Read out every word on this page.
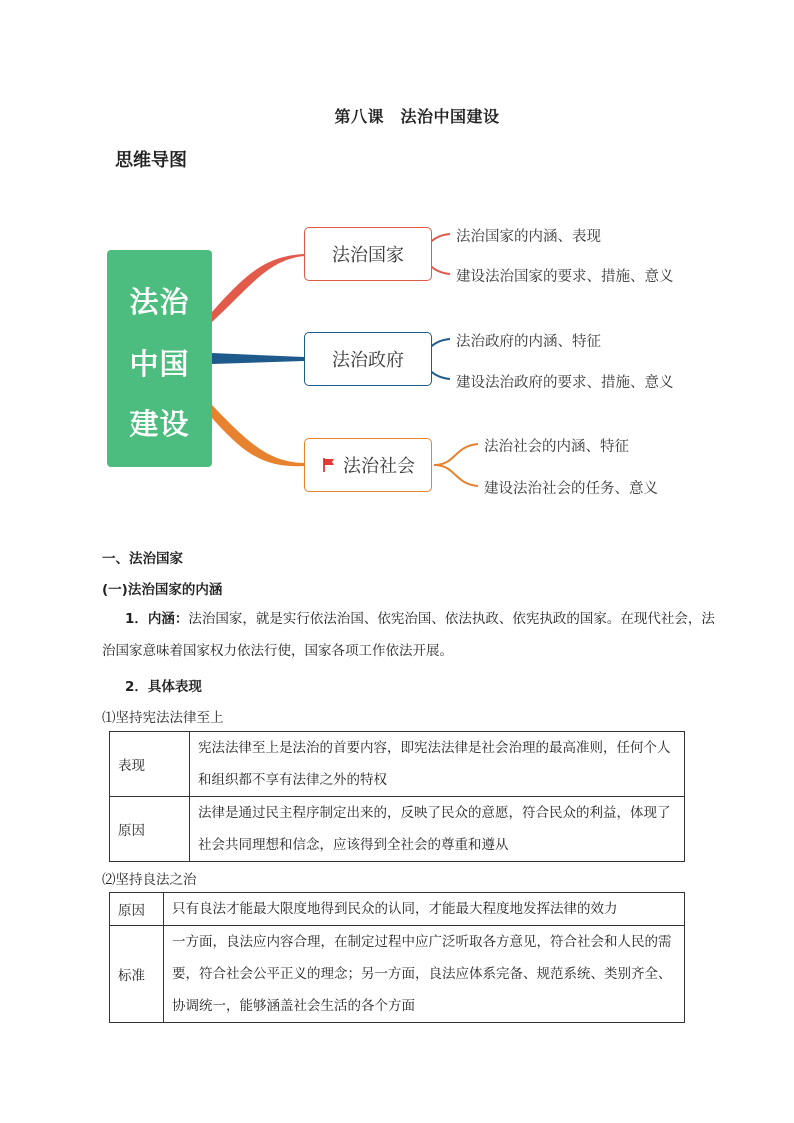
第八课　法治中国建设
思维导图
法治
中国
建设
法治国家
法治政府
法治社会
法治国家的内涵、表现
建设法治国家的要求、措施、意义
法治政府的内涵、特征
建设法治政府的要求、措施、意义
法治社会的内涵、特征
建设法治社会的任务、意义
一、法治国家
(一)法治国家的内涵
1．内涵：法治国家，就是实行依法治国、依宪治国、依法执政、依宪执政的国家。在现代社会，法治国家意味着国家权力依法行使，国家各项工作依法开展。
2．具体表现
⑴坚持宪法法律至上
表现	宪法法律至上是法治的首要内容，即宪法法律是社会治理的最高准则，任何个人和组织都不享有法律之外的特权
原因	法律是通过民主程序制定出来的，反映了民众的意愿，符合民众的利益，体现了社会共同理想和信念，应该得到全社会的尊重和遵从
⑵坚持良法之治
原因	只有良法才能最大限度地得到民众的认同，才能最大程度地发挥法律的效力
标准	一方面，良法应内容合理，在制定过程中应广泛听取各方意见，符合社会和人民的需要，符合社会公平正义的理念；另一方面，良法应体系完备、规范系统、类别齐全、协调统一，能够涵盖社会生活的各个方面
